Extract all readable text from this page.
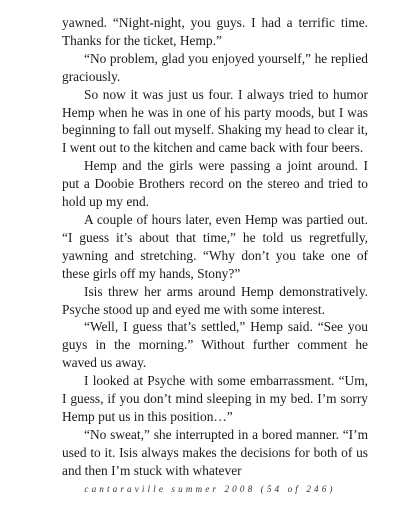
yawned. “Night-night, you guys. I had a terrific time. Thanks for the ticket, Hemp.”

“No problem, glad you enjoyed yourself,” he replied graciously.

So now it was just us four. I always tried to humor Hemp when he was in one of his party moods, but I was beginning to fall out myself. Shaking my head to clear it, I went out to the kitchen and came back with four beers.

Hemp and the girls were passing a joint around. I put a Doobie Brothers record on the stereo and tried to hold up my end.

A couple of hours later, even Hemp was partied out. “I guess it’s about that time,” he told us regretfully, yawning and stretching. “Why don’t you take one of these girls off my hands, Stony?”

Isis threw her arms around Hemp demonstratively. Psyche stood up and eyed me with some interest.

“Well, I guess that’s settled,” Hemp said. “See you guys in the morning.” Without further comment he waved us away.

I looked at Psyche with some embarrassment. “Um, I guess, if you don’t mind sleeping in my bed. I’m sorry Hemp put us in this position…”

“No sweat,” she interrupted in a bored manner. “I’m used to it. Isis always makes the decisions for both of us and then I’m stuck with whatever

cantaraville summer 2008 (54 of 246)
